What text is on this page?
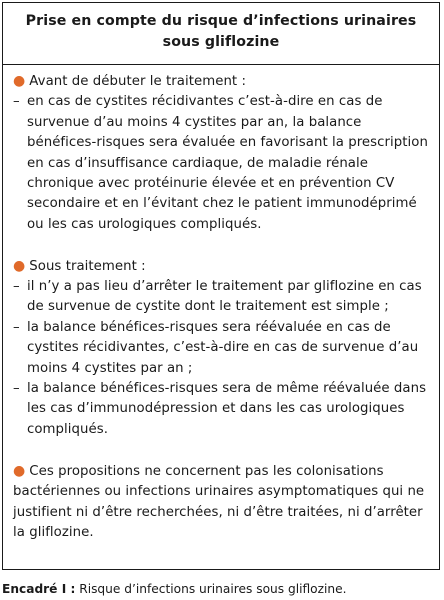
Prise en compte du risque d’infections urinaires
sous gliflozine
● Avant de débuter le traitement :
– en cas de cystites récidivantes c’est-à-dire en cas de survenue d’au moins 4 cystites par an, la balance bénéfices-risques sera évaluée en favorisant la prescription en cas d’insuffisance cardiaque, de maladie rénale chronique avec protéinurie élevée et en prévention CV secondaire et en l’évitant chez le patient immunodéprimé ou les cas urologiques compliqués.
● Sous traitement :
– il n’y a pas lieu d’arrêter le traitement par gliflozine en cas de survenue de cystite dont le traitement est simple ;
– la balance bénéfices-risques sera réévaluée en cas de cystites récidivantes, c’est-à-dire en cas de survenue d’au moins 4 cystites par an ;
– la balance bénéfices-risques sera de même réévaluée dans les cas d’immunodépression et dans les cas urologiques compliqués.
● Ces propositions ne concernent pas les colonisations bactériennes ou infections urinaires asymptomatiques qui ne justifient ni d’être recherchées, ni d’être traitées, ni d’arrêter la gliflozine.
Encadré I : Risque d’infections urinaires sous gliflozine.
